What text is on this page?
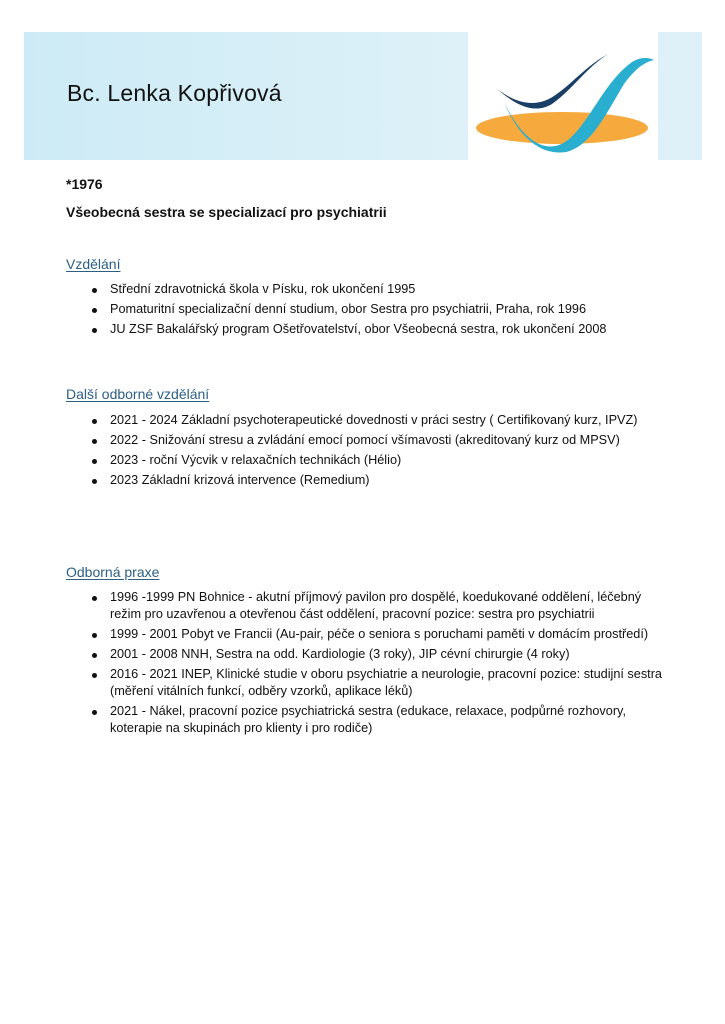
Bc. Lenka Kopřivová
*1976
Všeobecná sestra se specializací pro psychiatrii
Vzdělání
Střední zdravotnická škola v Písku, rok ukončení 1995
Pomaturitní specializační denní studium, obor Sestra pro psychiatrii, Praha, rok 1996
JU ZSF Bakalářský program Ošetřovatelství, obor Všeobecná sestra, rok ukončení 2008
Další odborné vzdělání
2021 - 2024 Základní psychoterapeutické dovednosti v práci sestry ( Certifikovaný kurz, IPVZ)
2022 - Snižování stresu a zvládání emocí pomocí všímavosti (akreditovaný kurz od MPSV)
2023 - roční Výcvik v relaxačních technikách (Hélio)
2023 Základní krizová intervence (Remedium)
Odborná praxe
1996 -1999 PN Bohnice - akutní příjmový pavilon pro dospělé, koedukované oddělení, léčebný režim pro uzavřenou a otevřenou část oddělení, pracovní pozice: sestra pro psychiatrii
1999 - 2001 Pobyt ve Francii (Au-pair, péče o seniora s poruchami paměti v domácím prostředí)
2001 - 2008 NNH, Sestra na odd. Kardiologie (3 roky), JIP cévní chirurgie (4 roky)
2016 - 2021 INEP, Klinické studie v oboru psychiatrie a neurologie, pracovní pozice: studijní sestra (měření vitálních funkcí, odběry vzorků, aplikace léků)
2021 - Nákel, pracovní pozice psychiatrická sestra (edukace, relaxace, podpůrné rozhovory, koterapie na skupinách pro klienty i pro rodiče)
